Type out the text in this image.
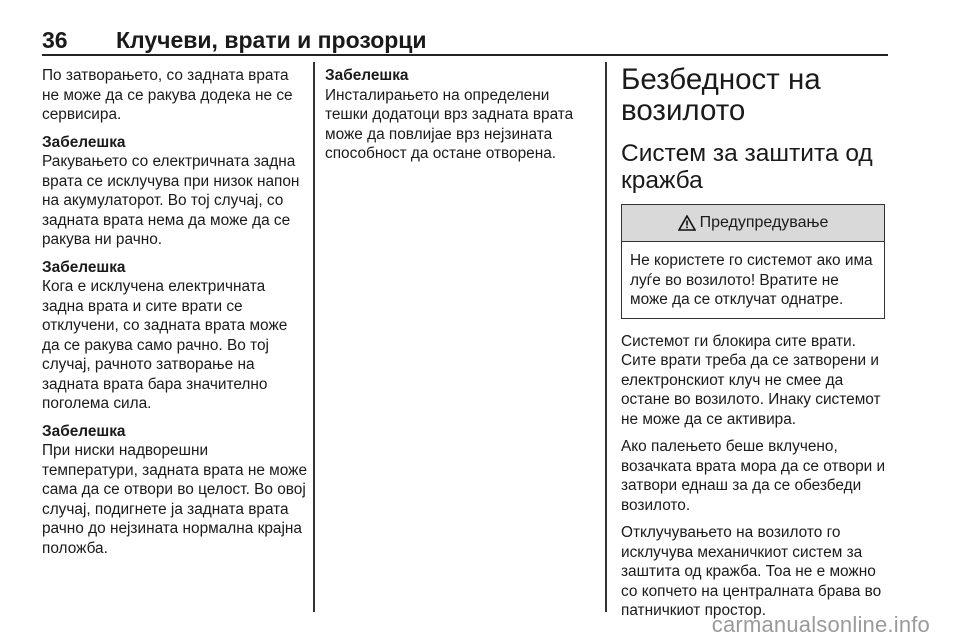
36 Клучеви, врати и прозорци

По затворањето, со задната врата не може да се ракува додека не се сервисира.

Забелешка
Ракувањето со електричната задна врата се исклучува при низок напон на акумулаторот. Во тој случај, со задната врата нема да може да се ракува ни рачно.
Забелешка
Кога е исклучена електричната задна врата и сите врати се отклучени, со задната врата може да се ракува само рачно. Во тој случај, рачното затворање на задната врата бара значително поголема сила.
Забелешка
При ниски надворешни температури, задната врата не може сама да се отвори во целост. Во овој случај, подигнете ја задната врата рачно до нејзината нормална крајна положба.
Забелешка
Инсталирањето на определени тешки додатоци врз задната врата може да повлијае врз нејзината способност да остане отворена.
Безбедност на возилото
Систем за заштита од кражба
Предупредување
Не користете го системот ако има луѓе во возилото! Вратите не може да се отклучат однатре.

Системот ги блокира сите врати. Сите врати треба да се затворени и електронскиот клуч не смее да остане во возилото. Инаку системот не може да се активира.

Ако палењето беше вклучено, возачката врата мора да се отвори и затвори еднаш за да се обезбеди возилото.

Отклучувањето на возилото го исклучува механичкиот систем за заштита од кражба. Тоа не е можно со копчето на централната брава во патничкиот простор.

carmanualsonline.info
